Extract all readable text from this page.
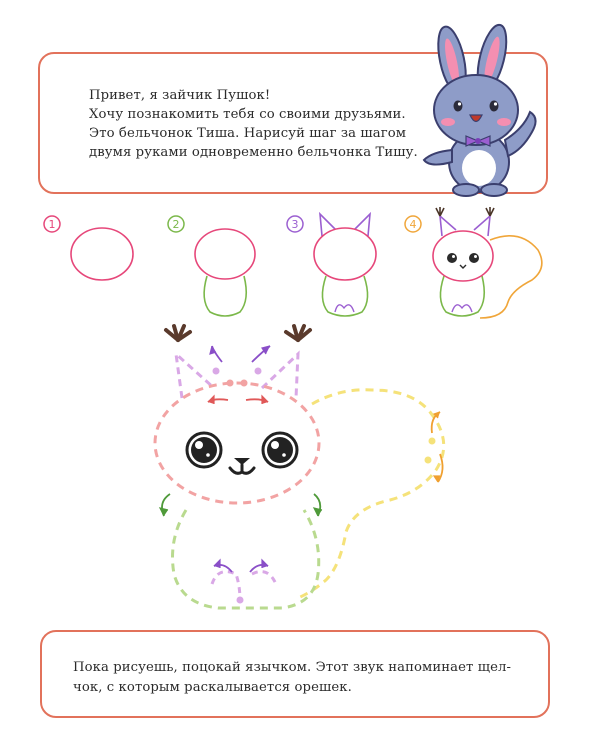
Привет, я зайчик Пушок!
Хочу познакомить тебя со своими друзьями.
Это бельчонок Тиша. Нарисуй шаг за шагом
двумя руками одновременно бельчонка Тишу.
1	2	3	4
Пока рисуешь, поцокай язычком. Этот звук напоминает щел-
чок, с которым раскалывается орешек.
